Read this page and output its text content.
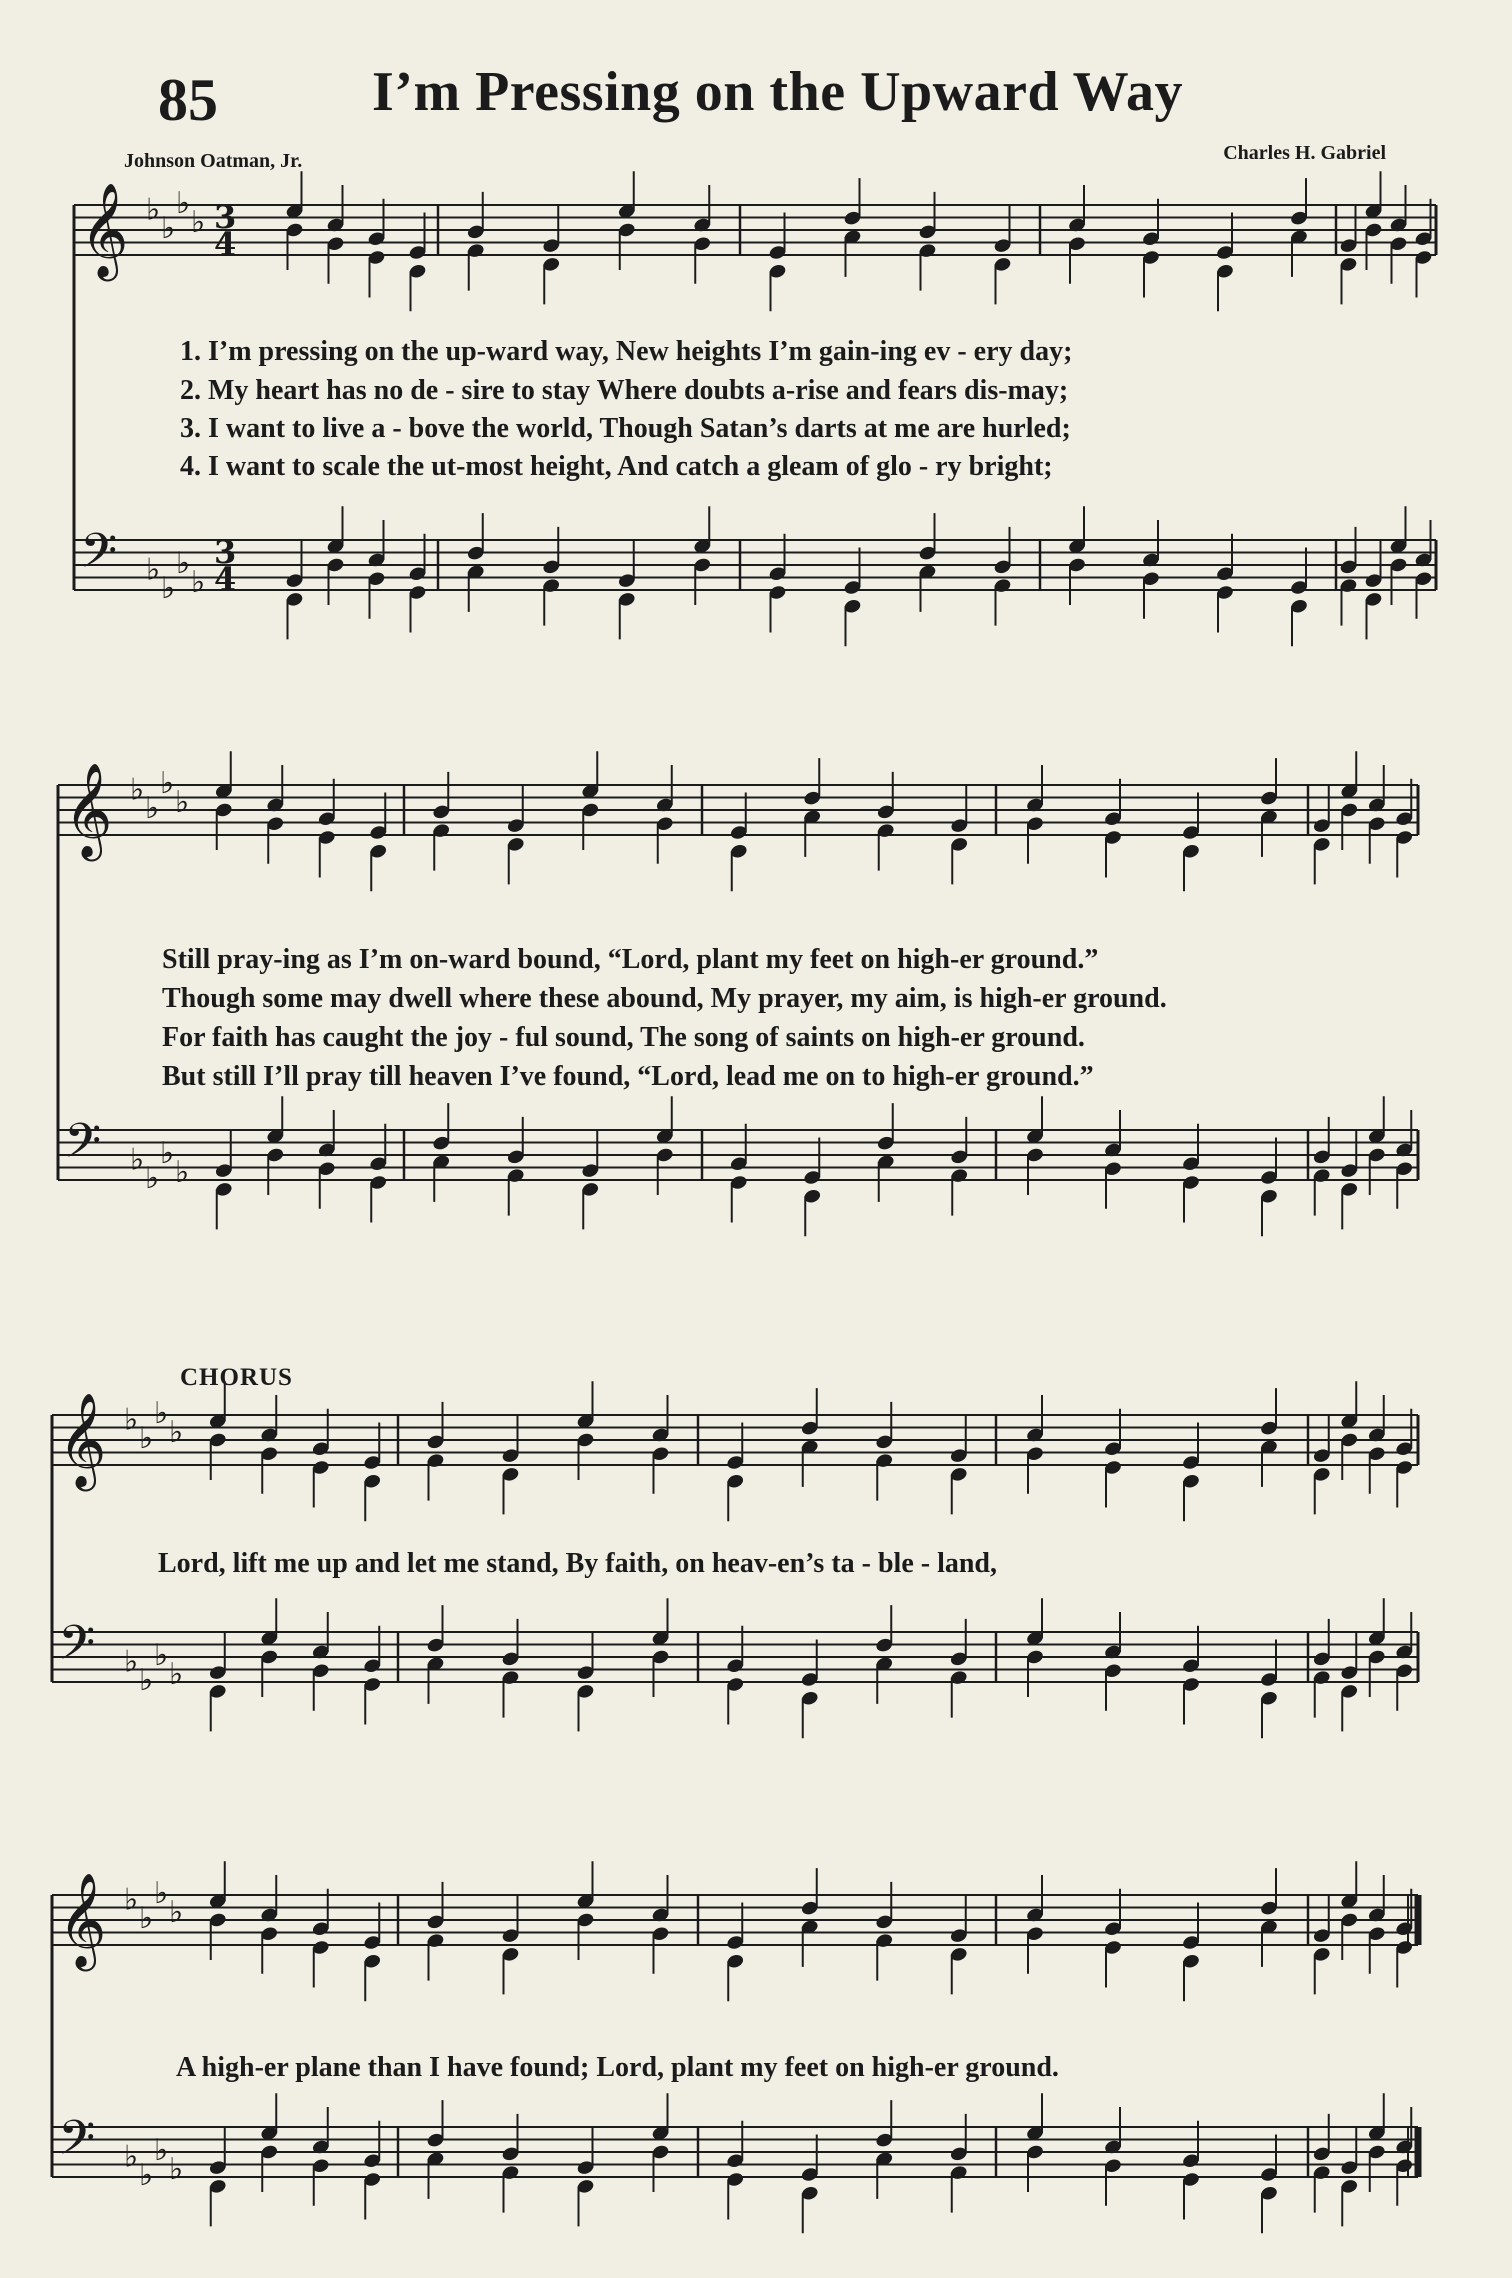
85	I’m Pressing on the Upward Way
Johnson Oatman, Jr.	Charles H. Gabriel
𝄞 ♭
♭
♭
♭ 3
4
𝄢 ♭
♭
♭
♭
3
4
𝄞 ♭
♭
♭
♭
𝄢 ♭
♭
♭
♭
𝄞 ♭
♭
♭
♭
𝄢 ♭
♭
♭
♭
𝄞 ♭
♭
♭
♭
𝄢 ♭
♭
♭
♭
1. I’m pressing on the up-ward way, New heights I’m gain-ing ev - ery day;
2. My heart has no de - sire to stay Where doubts a-rise and fears dis-may;
3. I want to live a - bove the world, Though Satan’s darts at me are hurled;
4. I want to scale the ut-most height, And catch a gleam of glo - ry bright;
Still pray-ing as I’m on-ward bound, “Lord, plant my feet on high-er ground.”
Though some may dwell where these abound, My prayer, my aim, is high-er ground.
For faith has caught the joy - ful sound, The song of saints on high-er ground.
But still I’ll pray till heaven I’ve found, “Lord, lead me on to high-er ground.”
CHORUS
Lord, lift me up and let me stand, By faith, on heav-en’s ta - ble - land,
A high-er plane than I have found; Lord, plant my feet on high-er ground.
